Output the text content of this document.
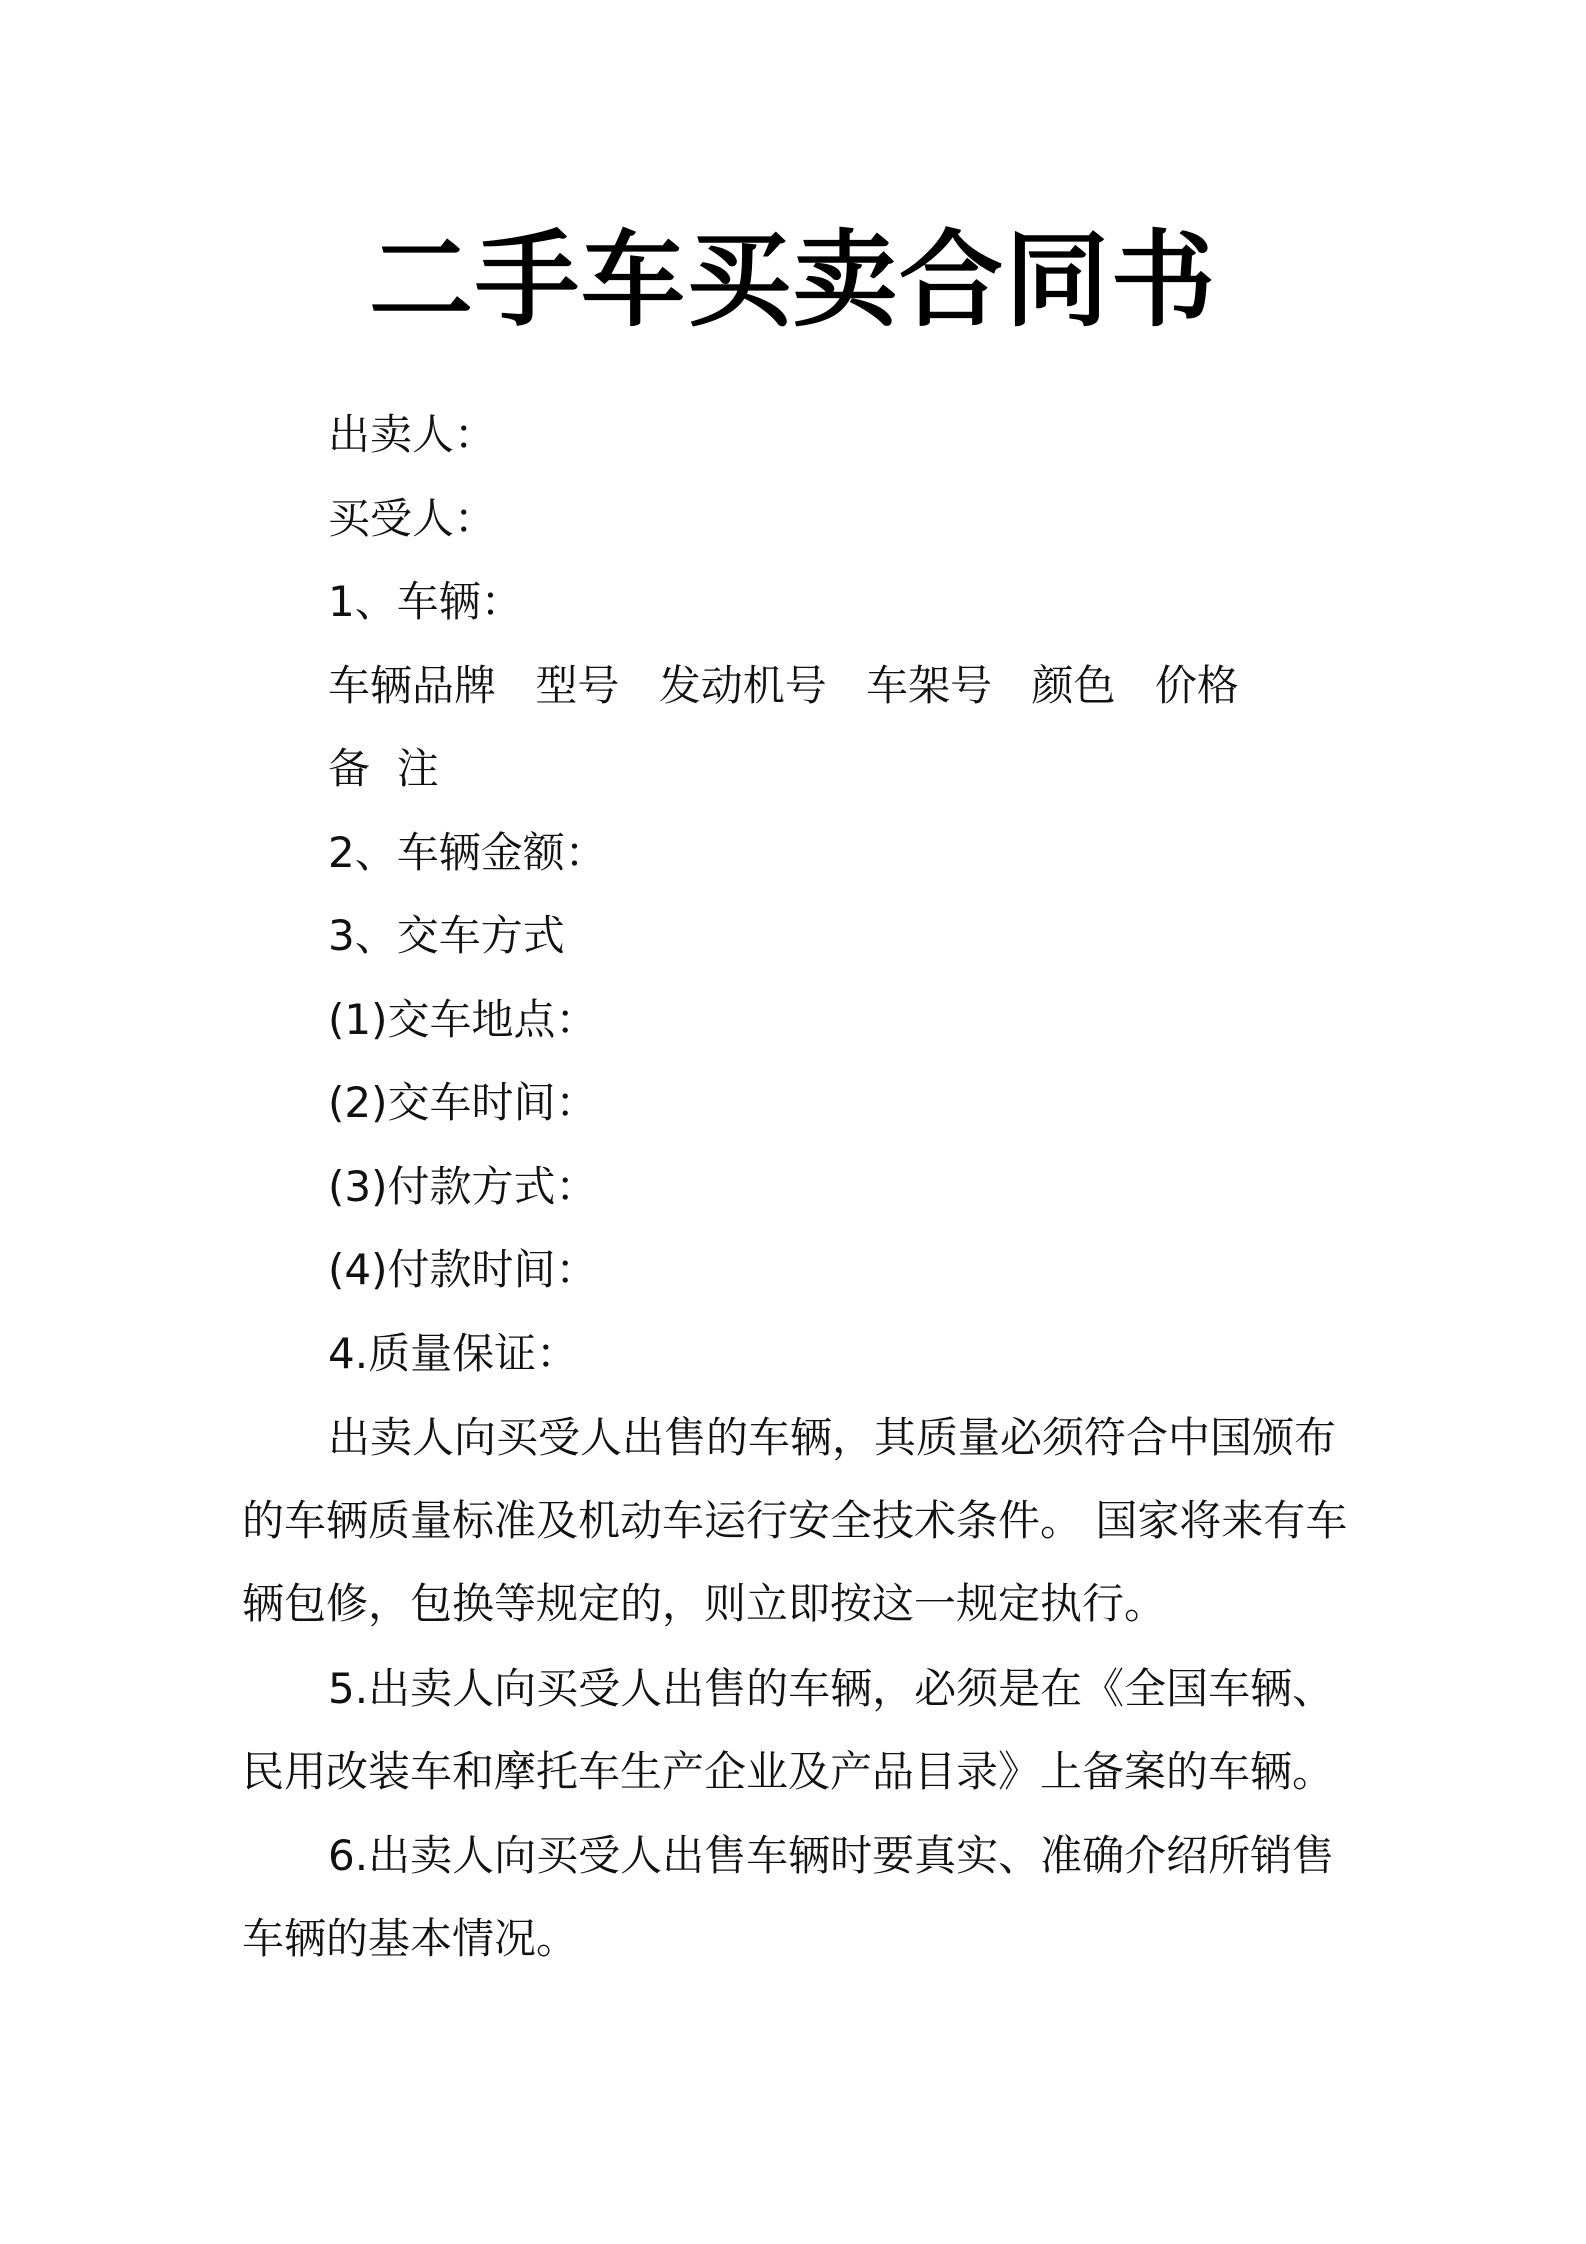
二手车买卖合同书
出卖人：
买受人：
1、车辆：
车辆品牌 型号 发动机号 车架号 颜色 价格
备  注
2、车辆金额：
3、交车方式
(1)交车地点：
(2)交车时间：
(3)付款方式：
(4)付款时间：
4.质量保证：
出卖人向买受人出售的车辆，其质量必须符合中国颁布的车辆质量标准及机动车运行安全技术条件。 国家将来有车辆包修，包换等规定的，则立即按这一规定执行。
5.出卖人向买受人出售的车辆，必须是在《全国车辆、民用改装车和摩托车生产企业及产品目录》上备案的车辆。
6.出卖人向买受人出售车辆时要真实、准确介绍所销售车辆的基本情况。
